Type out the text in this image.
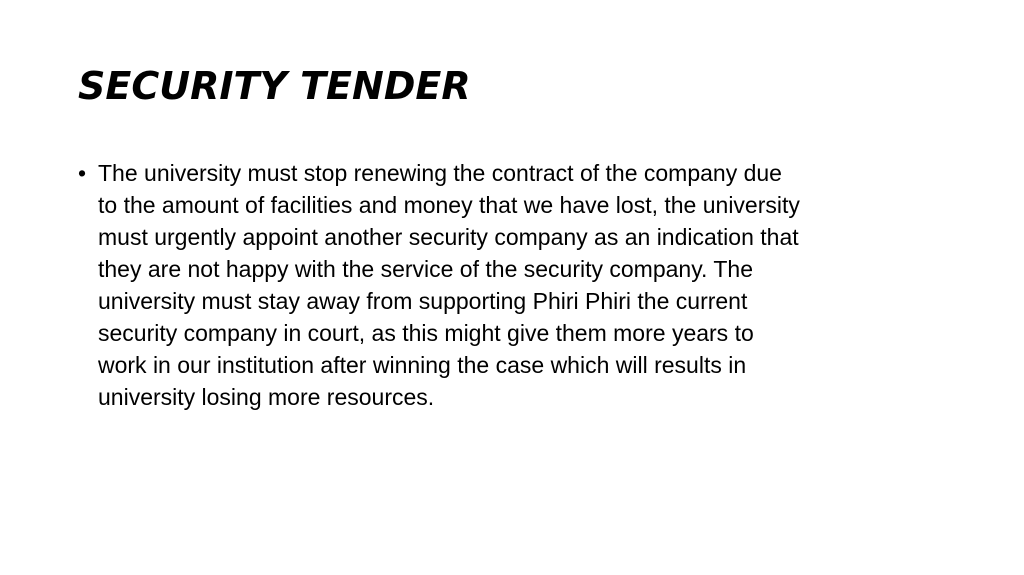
SECURITY TENDER
• The university must stop renewing the contract of the company due
to the amount of facilities and money that we have lost, the university
must urgently appoint another security company as an indication that
they are not happy with the service of the security company. The
university must stay away from supporting Phiri Phiri the current
security company in court, as this might give them more years to
work in our institution after winning the case which will results in
university losing more resources.
